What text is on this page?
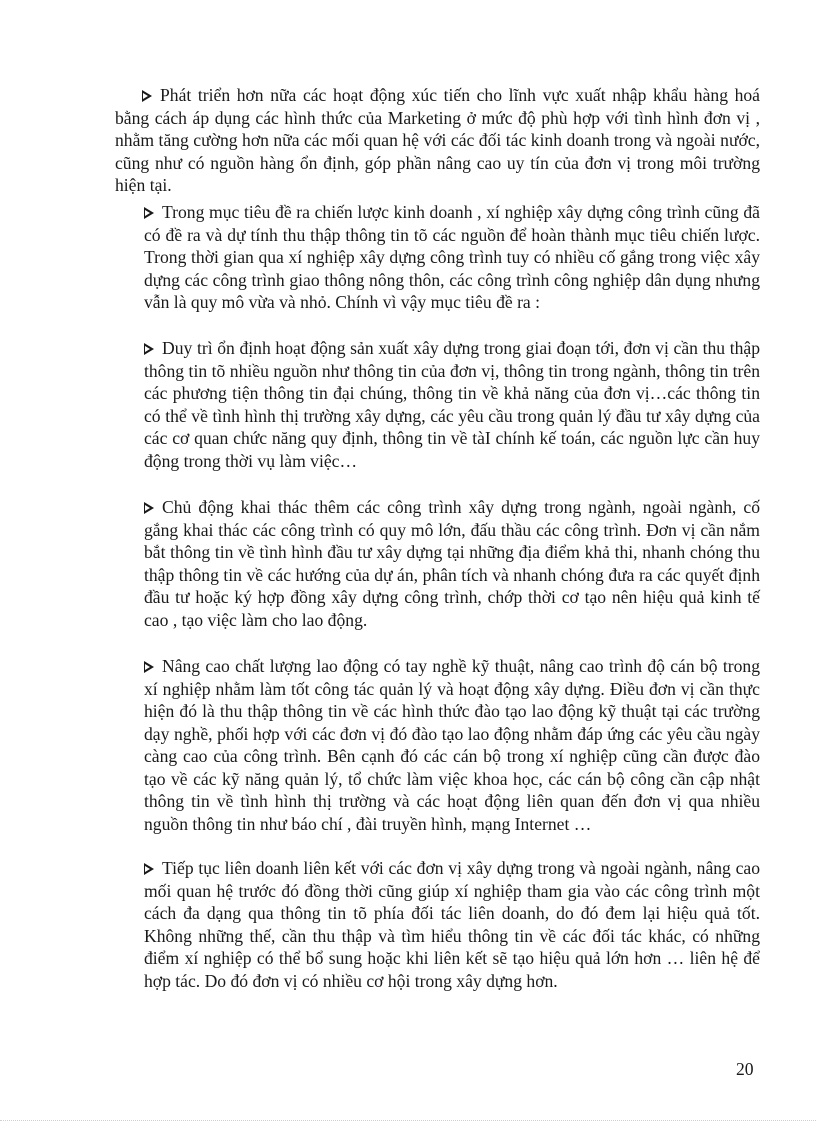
Phát triển hơn nữa các hoạt động xúc tiến cho lĩnh vực xuất nhập khẩu hàng hoá bằng cách áp dụng các hình thức của Marketing ở mức độ phù hợp với tình hình đơn vị , nhằm tăng cường hơn nữa các mối quan hệ với các đối tác kinh doanh trong và ngoài nước, cũng như có nguồn hàng ổn định, góp phần nâng cao uy tín của đơn vị trong môi trường hiện tại.

Trong mục tiêu đề ra chiến lược kinh doanh , xí nghiệp xây dựng công trình cũng đã có đề ra và dự tính thu thập thông tin tõ các nguồn để hoàn thành mục tiêu chiến lược. Trong thời gian qua xí nghiệp xây dựng công trình tuy có nhiều cố gắng trong việc xây dựng các công trình giao thông nông thôn, các công trình công nghiệp dân dụng nhưng vẫn là quy mô vừa và nhỏ. Chính vì vậy mục tiêu đề ra :

Duy trì ổn định hoạt động sản xuất xây dựng trong giai đoạn tới, đơn vị cần thu thập thông tin tõ nhiều nguồn như thông tin của đơn vị, thông tin trong ngành, thông tin trên các phương tiện thông tin đại chúng, thông tin về khả năng của đơn vị…các thông tin có thể về tình hình thị trường xây dựng, các yêu cầu trong quản lý đầu tư xây dựng của các cơ quan chức năng quy định, thông tin về tàI chính kế toán, các nguồn lực cần huy động trong thời vụ làm việc…

Chủ động khai thác thêm các công trình xây dựng trong ngành, ngoài ngành, cố gắng khai thác các công trình có quy mô lớn, đấu thầu các công trình. Đơn vị cần nắm bắt thông tin về tình hình đầu tư xây dựng tại những địa điểm khả thi, nhanh chóng thu thập thông tin về các hướng của dự án, phân tích và nhanh chóng đưa ra các quyết định đầu tư hoặc ký hợp đồng xây dựng công trình, chớp thời cơ tạo nên hiệu quả kinh tế cao , tạo việc làm cho lao động.

Nâng cao chất lượng lao động có tay nghề kỹ thuật, nâng cao trình độ cán bộ trong xí nghiệp nhằm làm tốt công tác quản lý và hoạt động xây dựng. Điều đơn vị cần thực hiện đó là thu thập thông tin về các hình thức đào tạo lao động kỹ thuật tại các trường dạy nghề, phối hợp với các đơn vị đó đào tạo lao động nhằm đáp ứng các yêu cầu ngày càng cao của công trình. Bên cạnh đó các cán bộ trong xí nghiệp cũng cần được đào tạo về các kỹ năng quản lý, tổ chức làm việc khoa học, các cán bộ công cần cập nhật thông tin về tình hình thị trường và các hoạt động liên quan đến đơn vị qua nhiều nguồn thông tin như báo chí , đài truyền hình, mạng Internet …

Tiếp tục liên doanh liên kết với các đơn vị xây dựng trong và ngoài ngành, nâng cao mối quan hệ trước đó đồng thời cũng giúp xí nghiệp tham gia vào các công trình một cách đa dạng qua thông tin tõ phía đối tác liên doanh, do đó đem lại hiệu quả tốt. Không những thế, cần thu thập và tìm hiểu thông tin về các đối tác khác, có những điểm xí nghiệp có thể bổ sung hoặc khi liên kết sẽ tạo hiệu quả lớn hơn … liên hệ để hợp tác. Do đó đơn vị có nhiều cơ hội trong xây dựng hơn.

20
